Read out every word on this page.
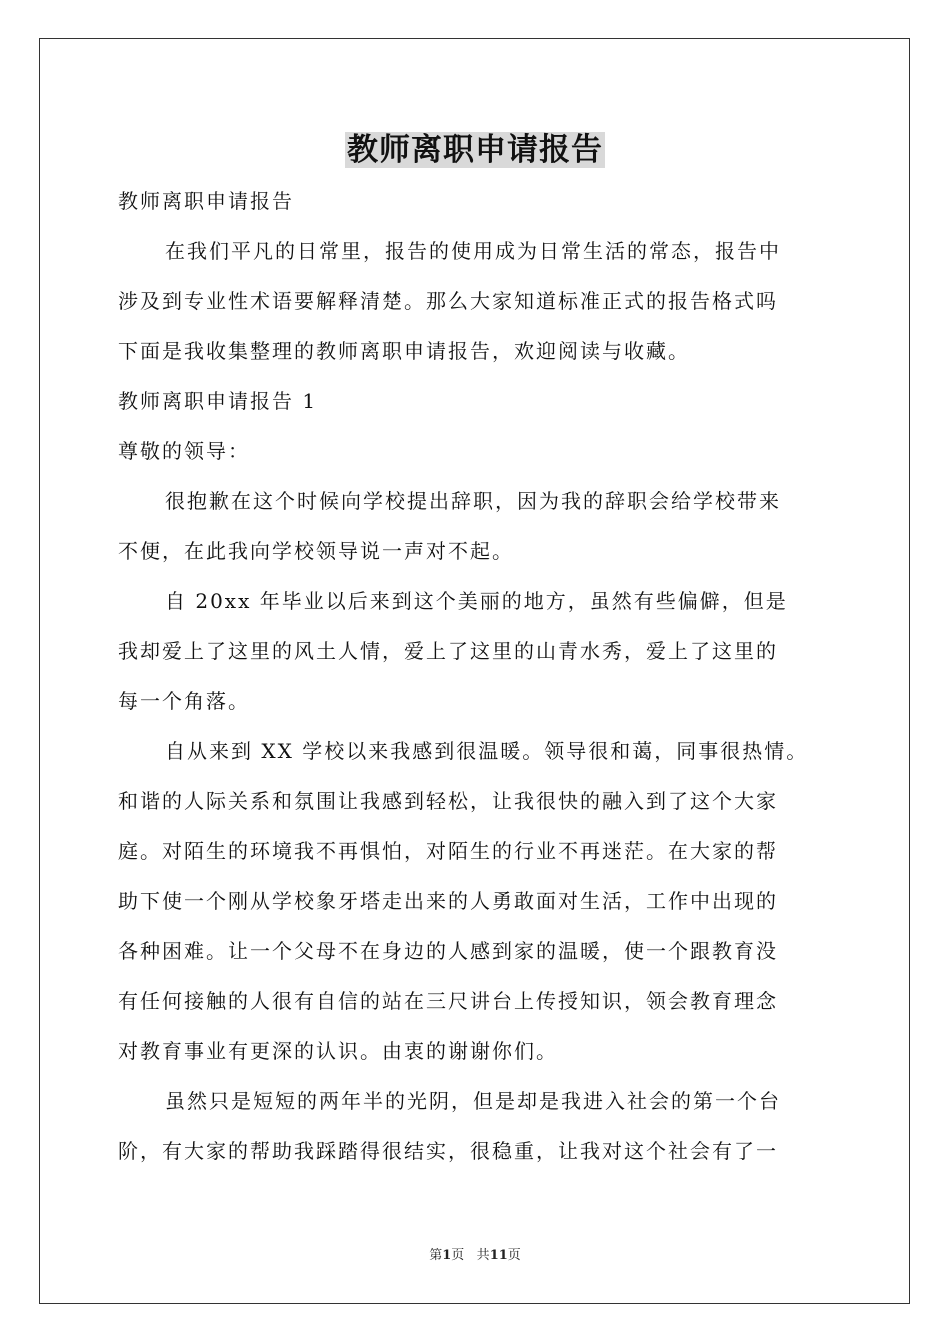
教师离职申请报告
教师离职申请报告
在我们平凡的日常里，报告的使用成为日常生活的常态，报告中
涉及到专业性术语要解释清楚。那么大家知道标准正式的报告格式吗
下面是我收集整理的教师离职申请报告，欢迎阅读与收藏。
教师离职申请报告 1
尊敬的领导：
很抱歉在这个时候向学校提出辞职，因为我的辞职会给学校带来
不便，在此我向学校领导说一声对不起。
自 20xx 年毕业以后来到这个美丽的地方，虽然有些偏僻，但是
我却爱上了这里的风土人情，爱上了这里的山青水秀，爱上了这里的
每一个角落。
自从来到 XX 学校以来我感到很温暖。领导很和蔼，同事很热情。
和谐的人际关系和氛围让我感到轻松，让我很快的融入到了这个大家
庭。对陌生的环境我不再惧怕，对陌生的行业不再迷茫。在大家的帮
助下使一个刚从学校象牙塔走出来的人勇敢面对生活，工作中出现的
各种困难。让一个父母不在身边的人感到家的温暖，使一个跟教育没
有任何接触的人很有自信的站在三尺讲台上传授知识，领会教育理念
对教育事业有更深的认识。由衷的谢谢你们。
虽然只是短短的两年半的光阴，但是却是我进入社会的第一个台
阶，有大家的帮助我踩踏得很结实，很稳重，让我对这个社会有了一
第1页 共11页
